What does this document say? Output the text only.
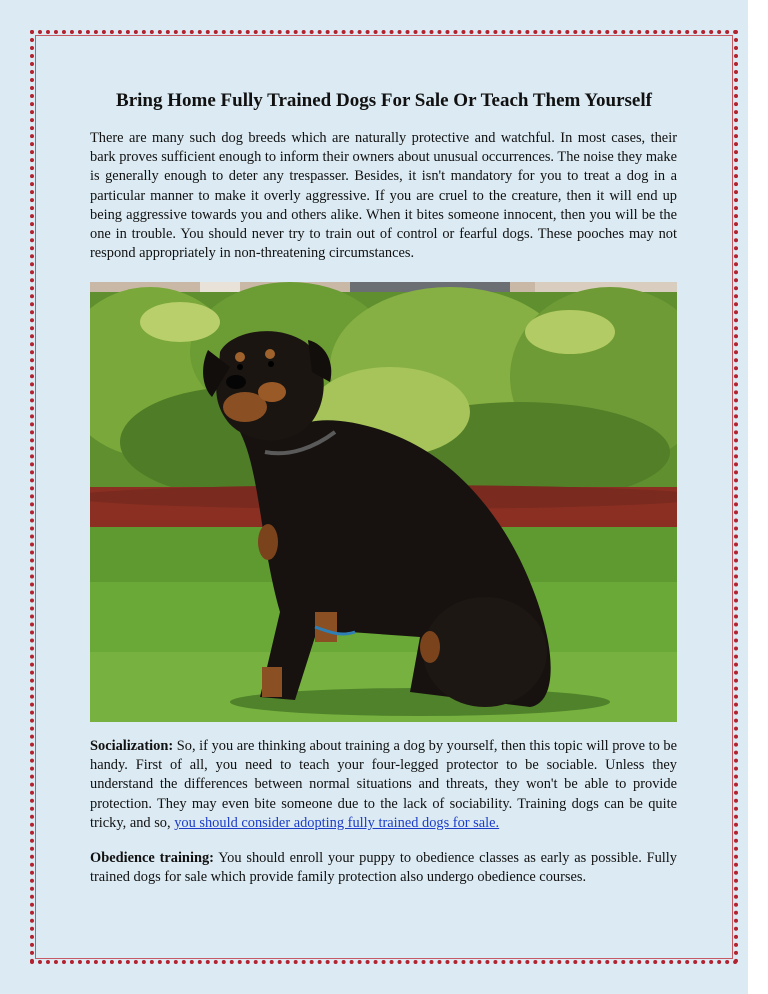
Bring Home Fully Trained Dogs For Sale Or Teach Them Yourself

There are many such dog breeds which are naturally protective and watchful. In most cases, their bark proves sufficient enough to inform their owners about unusual occurrences. The noise they make is generally enough to deter any trespasser. Besides, it isn't mandatory for you to treat a dog in a particular manner to make it overly aggressive. If you are cruel to the creature, then it will end up being aggressive towards you and others alike. When it bites someone innocent, then you will be the one in trouble. You should never try to train out of control or fearful dogs. These pooches may not respond appropriately in non-threatening circumstances.

Socialization: So, if you are thinking about training a dog by yourself, then this topic will prove to be handy. First of all, you need to teach your four-legged protector to be sociable. Unless they understand the differences between normal situations and threats, they won't be able to provide protection. They may even bite someone due to the lack of sociability. Training dogs can be quite tricky, and so, you should consider adopting fully trained dogs for sale.

Obedience training: You should enroll your puppy to obedience classes as early as possible. Fully trained dogs for sale which provide family protection also undergo obedience courses.
